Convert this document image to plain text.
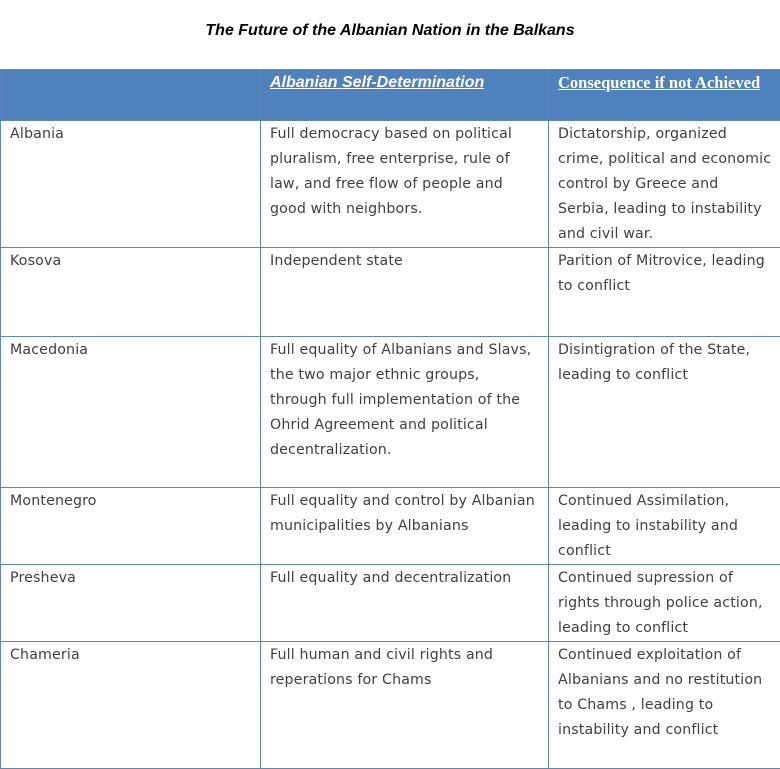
The Future of the Albanian Nation in the Balkans
	Albanian Self-Determination	Consequence if not Achieved
Albania	Full democracy based on political pluralism, free enterprise, rule of law, and free flow of people and good with neighbors.	Dictatorship, organized crime, political and economic control by Greece and Serbia, leading to instability and civil war.
Kosova	Independent state	Parition of Mitrovice, leading to conflict
Macedonia	Full equality of Albanians and Slavs, the two major ethnic groups, through full implementation of the Ohrid Agreement and political decentralization.	Disintigration of the State, leading to conflict
Montenegro	Full equality and control by Albanian municipalities by Albanians	Continued Assimilation, leading to instability and conflict
Presheva	Full equality and decentralization	Continued supression of rights through police action, leading to conflict
Chameria	Full human and civil rights and reperations for Chams	Continued exploitation of Albanians and no restitution to Chams , leading to instability and conflict
